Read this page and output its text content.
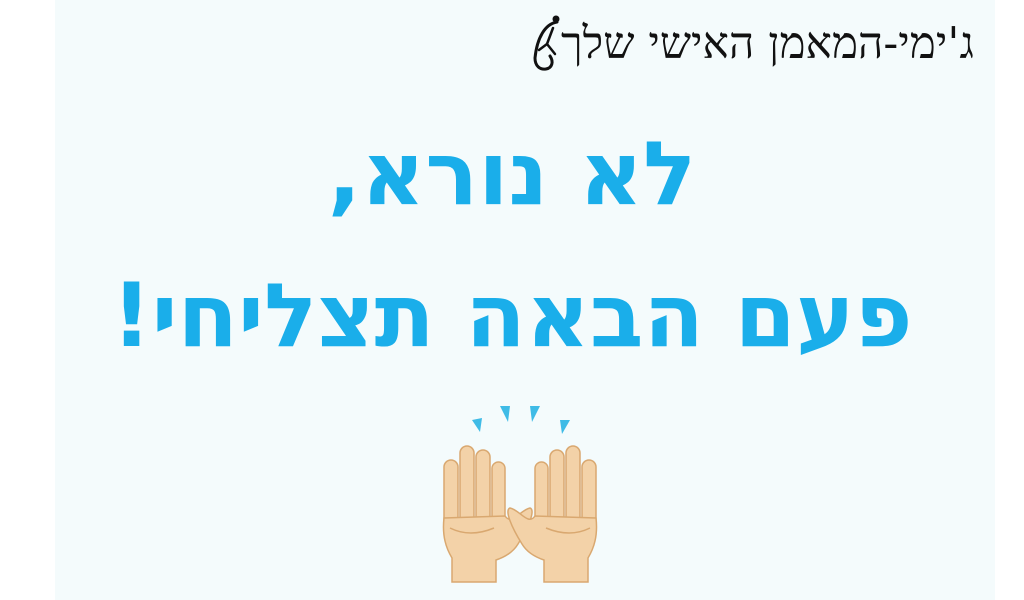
ג'ימי-המאמן האישי שלך
לא נורא,
פעם הבאה תצליחי!
